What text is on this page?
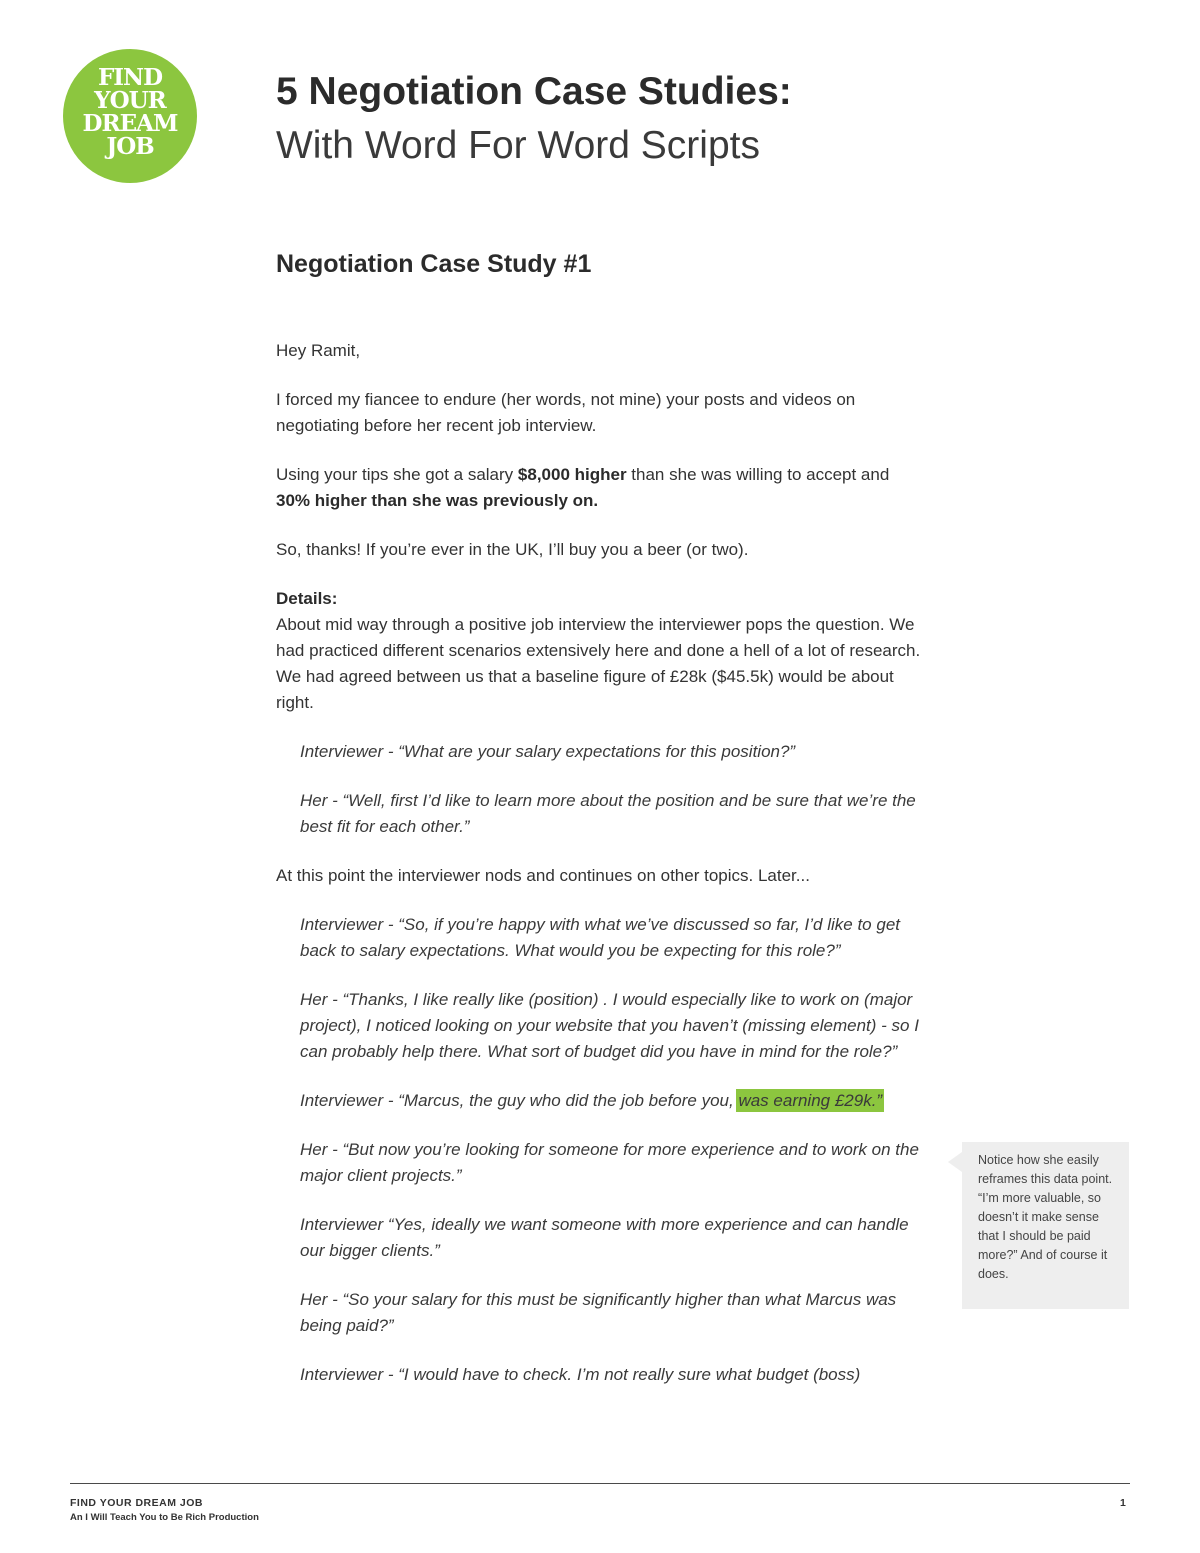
FIND
YOUR
DREAM
JOB
5 Negotiation Case Studies:
With Word For Word Scripts
Negotiation Case Study #1

Hey Ramit,

I forced my fiancee to endure (her words, not mine) your posts and videos on negotiating before her recent job interview.

Using your tips she got a salary $8,000 higher than she was willing to accept and 30% higher than she was previously on.

So, thanks! If you’re ever in the UK, I’ll buy you a beer (or two).

Details:
About mid way through a positive job interview the interviewer pops the question. We had practiced different scenarios extensively here and done a hell of a lot of research. We had agreed between us that a baseline figure of £28k ($45.5k) would be about right.

Interviewer - “What are your salary expectations for this position?”

Her - “Well, first I’d like to learn more about the position and be sure that we’re the best fit for each other.”

At this point the interviewer nods and continues on other topics. Later...

Interviewer - “So, if you’re happy with what we’ve discussed so far, I’d like to get back to salary expectations. What would you be expecting for this role?”

Her - “Thanks, I like really like (position) . I would especially like to work on (major project), I noticed looking on your website that you haven’t (missing element) - so I can probably help there. What sort of budget did you have in mind for the role?”

Interviewer - “Marcus, the guy who did the job before you, was earning £29k.”

Her - “But now you’re looking for someone for more experience and to work on the major client projects.”

Interviewer “Yes, ideally we want someone with more experience and can handle our bigger clients.”

Her - “So your salary for this must be significantly higher than what Marcus was being paid?”

Interviewer - “I would have to check. I’m not really sure what budget (boss)

Notice how she easily reframes this data point. “I’m more valuable, so doesn’t it make sense that I should be paid more?” And of course it does.
FIND YOUR DREAM JOB
An I Will Teach You to Be Rich Production
1
